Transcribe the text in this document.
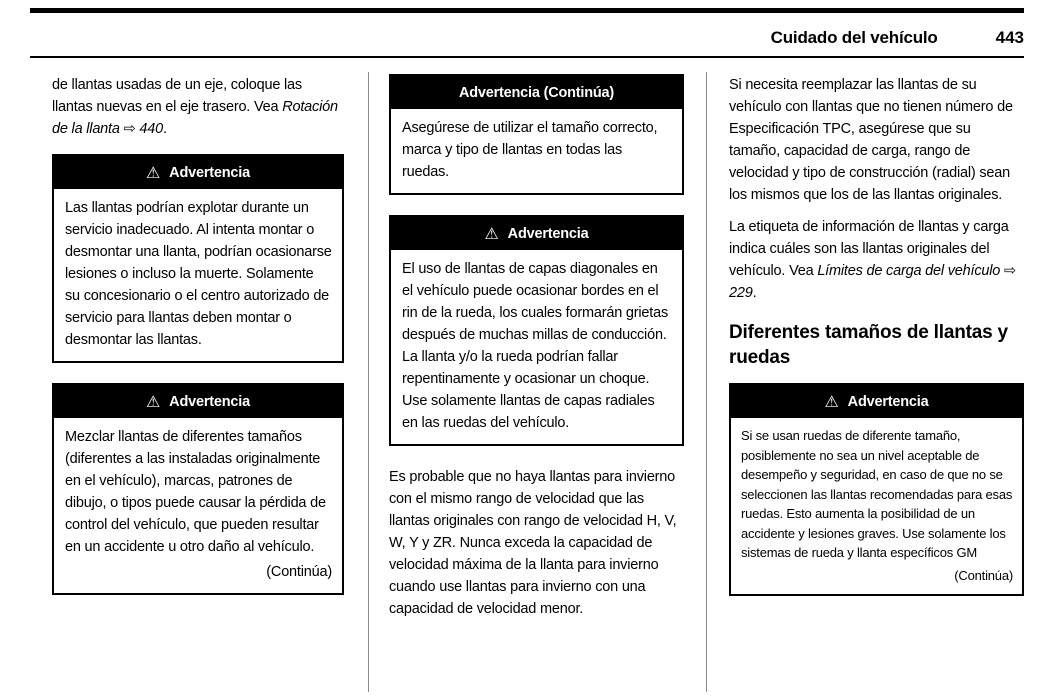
Cuidado del vehículo	443

de llantas usadas de un eje, coloque las llantas nuevas en el eje trasero. Vea Rotación de la llanta ⇨ 440.

⚠ Advertencia
Las llantas podrían explotar durante un servicio inadecuado. Al intenta montar o desmontar una llanta, podrían ocasionarse lesiones o incluso la muerte. Solamente su concesionario o el centro autorizado de servicio para llantas deben montar o desmontar las llantas.
⚠ Advertencia
Mezclar llantas de diferentes tamaños (diferentes a las instaladas originalmente en el vehículo), marcas, patrones de dibujo, o tipos puede causar la pérdida de control del vehículo, que pueden resultar en un accidente u otro daño al vehículo.
(Continúa)
Advertencia (Continúa)
Asegúrese de utilizar el tamaño correcto, marca y tipo de llantas en todas las ruedas.
⚠ Advertencia
El uso de llantas de capas diagonales en el vehículo puede ocasionar bordes en el rin de la rueda, los cuales formarán grietas después de muchas millas de conducción. La llanta y/o la rueda podrían fallar repentinamente y ocasionar un choque. Use solamente llantas de capas radiales en las ruedas del vehículo.

Es probable que no haya llantas para invierno con el mismo rango de velocidad que las llantas originales con rango de velocidad H, V, W, Y y ZR. Nunca exceda la capacidad de velocidad máxima de la llanta para invierno cuando use llantas para invierno con una capacidad de velocidad menor.

Si necesita reemplazar las llantas de su vehículo con llantas que no tienen número de Especificación TPC, asegúrese que su tamaño, capacidad de carga, rango de velocidad y tipo de construcción (radial) sean los mismos que los de las llantas originales.

La etiqueta de información de llantas y carga indica cuáles son las llantas originales del vehículo. Vea Límites de carga del vehículo ⇨ 229.

Diferentes tamaños de llantas y ruedas
⚠ Advertencia
Si se usan ruedas de diferente tamaño, posiblemente no sea un nivel aceptable de desempeño y seguridad, en caso de que no se seleccionen las llantas recomendadas para esas ruedas. Esto aumenta la posibilidad de un accidente y lesiones graves. Use solamente los sistemas de rueda y llanta específicos GM
(Continúa)
